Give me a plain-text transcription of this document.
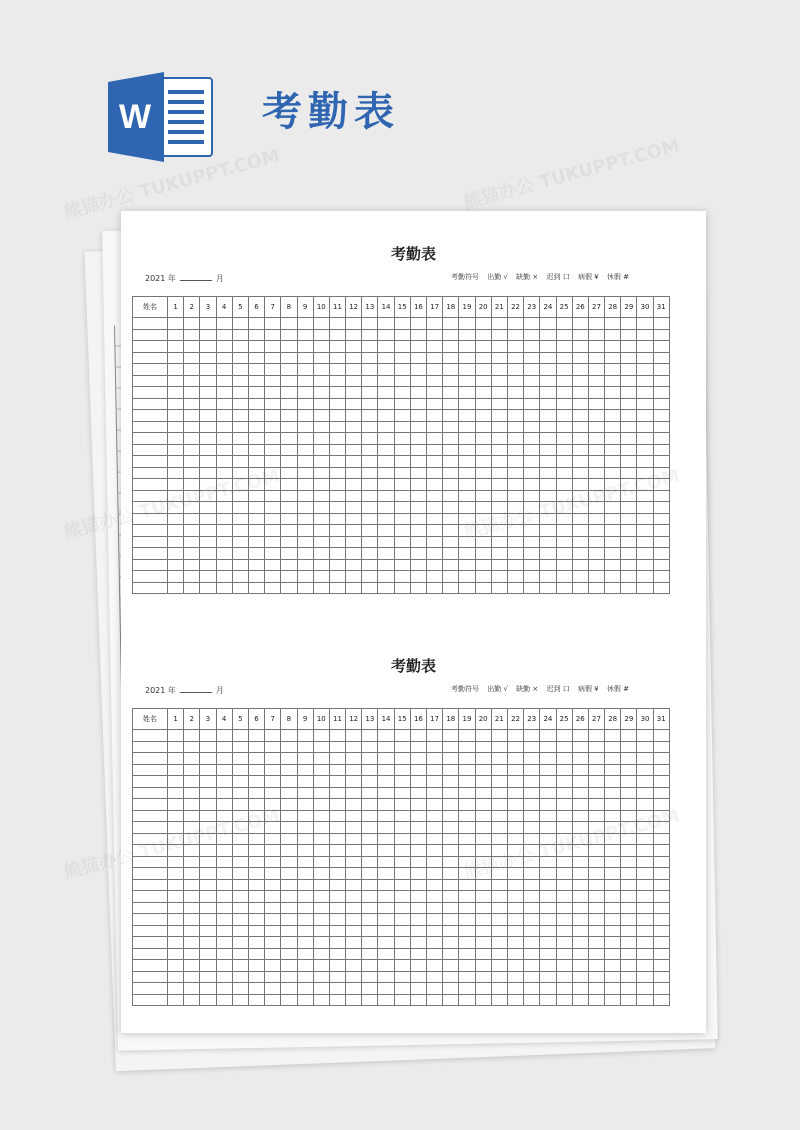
W	考勤表
考勤表
2021 年	月	考勤符号 出勤 √ 缺勤 × 迟到 口 病假 ¥ 休假 #
姓名	1	2	3	4	5	6	7	8	9	10	11	12	13	14	15	16	17	18	19	20	21	22	23	24	25	26	27	28	29	30	31

考勤表
2021 年	月	考勤符号 出勤 √ 缺勤 × 迟到 口 病假 ¥ 休假 #
姓名	1	2	3	4	5	6	7	8	9	10	11	12	13	14	15	16	17	18	19	20	21	22	23	24	25	26	27	28	29	30	31

熊猫办公 TUKUPPT.COM	熊猫办公 TUKUPPT.COM
熊猫办公
